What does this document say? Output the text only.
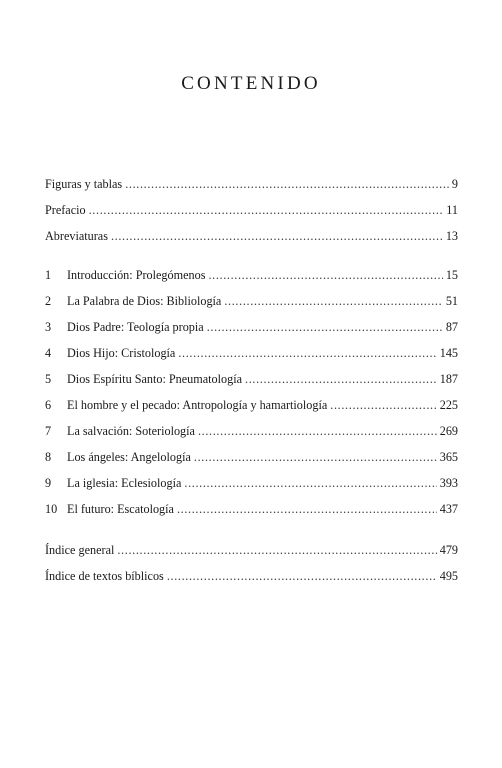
CONTENIDO
Figuras y tablas . . .	9
Prefacio . . .	11
Abreviaturas . . .	13
1	Introducción: Prolegómenos . . .	15
2	La Palabra de Dios: Bibliología . . .	51
3	Dios Padre: Teología propia . . .	87
4	Dios Hijo: Cristología . . .	145
5	Dios Espíritu Santo: Pneumatología . . .	187
6	El hombre y el pecado: Antropología y hamartiología . . .	225
7	La salvación: Soteriología . . .	269
8	Los ángeles: Angelología . . .	365
9	La iglesia: Eclesiología . . .	393
10 El futuro: Escatología . . .	437
Índice general . . .	479
Índice de textos bíblicos . . .	495
